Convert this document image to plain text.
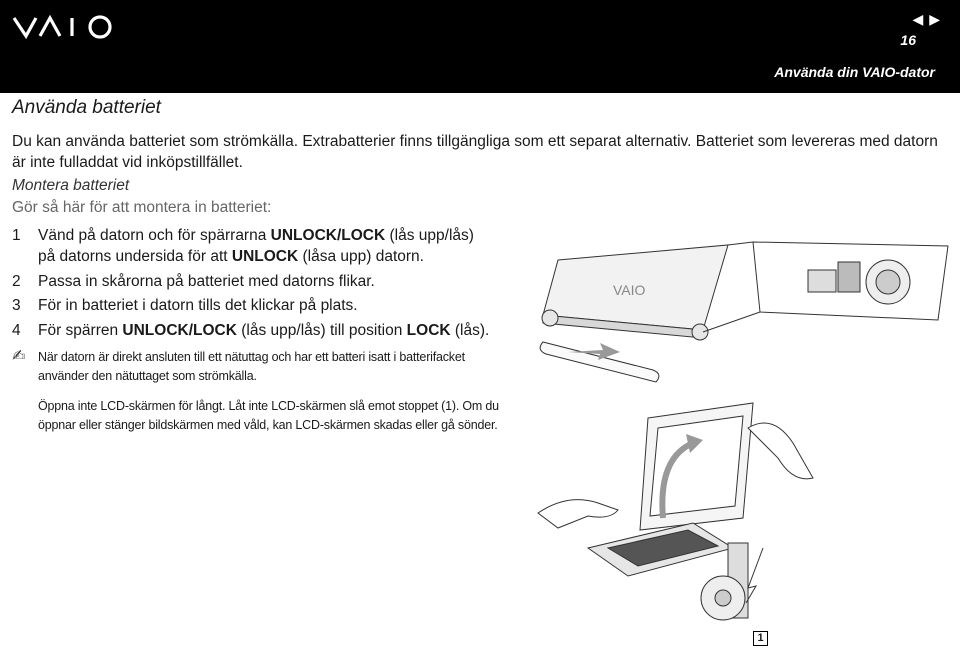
◀ ▶
16
Använda din VAIO-dator
Använda batteriet
Du kan använda batteriet som strömkälla. Extrabatterier finns tillgängliga som ett separat alternativ. Batteriet som levereras med datorn är inte fulladdat vid inköpstillfället.
Montera batteriet
Gör så här för att montera in batteriet:
1	Vänd på datorn och för spärrarna UNLOCK/LOCK (lås upp/lås)
på datorns undersida för att UNLOCK (låsa upp) datorn.
2	Passa in skårorna på batteriet med datorns flikar.
3	För in batteriet i datorn tills det klickar på plats.
4	För spärren UNLOCK/LOCK (lås upp/lås) till position LOCK (lås).
✍ När datorn är direkt ansluten till ett nätuttag och har ett batteri isatt i batterifacket använder den nätuttaget som strömkälla.
Öppna inte LCD-skärmen för långt. Låt inte LCD-skärmen slå emot stoppet (1). Om du öppnar eller stänger bildskärmen med våld, kan LCD-skärmen skadas eller gå sönder.
VAIO
1
